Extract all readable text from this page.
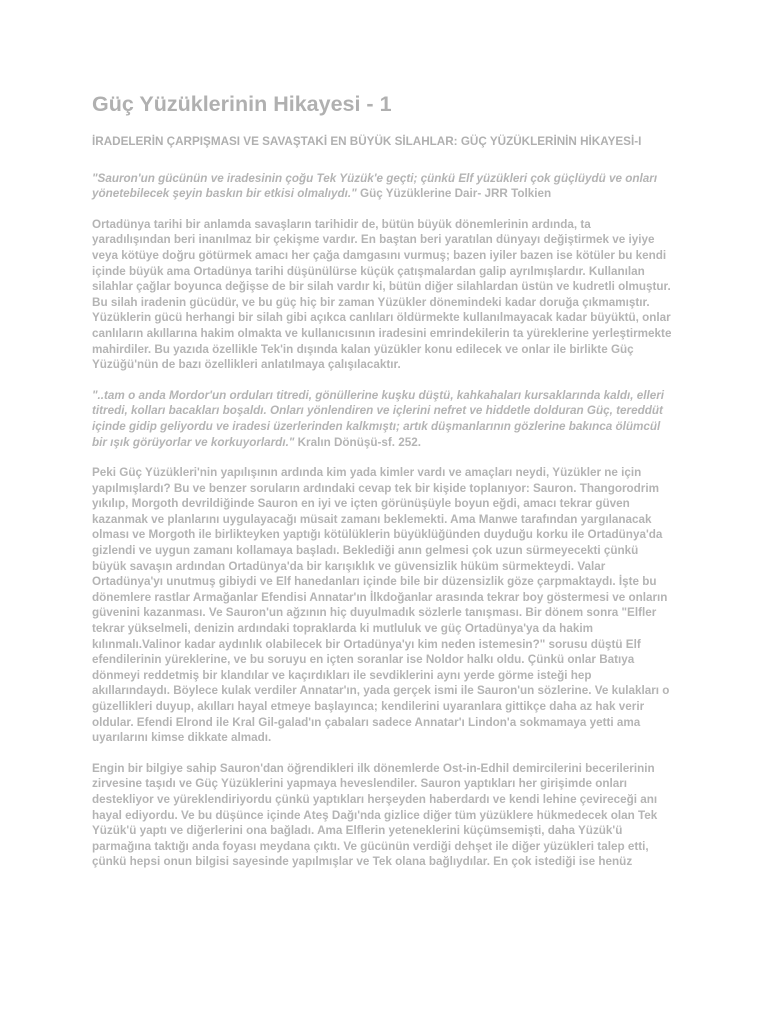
Güç Yüzüklerinin Hikayesi - 1
İRADELERİN ÇARPIŞMASI VE SAVAŞTAKİ EN BÜYÜK SİLAHLAR: GÜÇ YÜZÜKLERİNİN HİKAYESİ-I
"Sauron'un gücünün ve iradesinin çoğu Tek Yüzük'e geçti; çünkü Elf yüzükleri çok güçlüydü ve onları yönetebilecek şeyin baskın bir etkisi olmalıydı." Güç Yüzüklerine Dair- JRR Tolkien
Ortadünya tarihi bir anlamda savaşların tarihidir de, bütün büyük dönemlerinin ardında, ta yaradılışından beri inanılmaz bir çekişme vardır. En baştan beri yaratılan dünyayı değiştirmek ve iyiye veya kötüye doğru götürmek amacı her çağa damgasını vurmuş; bazen iyiler bazen ise kötüler bu kendi içinde büyük ama Ortadünya tarihi düşünülürse küçük çatışmalardan galip ayrılmışlardır. Kullanılan silahlar çağlar boyunca değişse de bir silah vardır ki, bütün diğer silahlardan üstün ve kudretli olmuştur. Bu silah iradenin gücüdür, ve bu güç hiç bir zaman Yüzükler dönemindeki kadar doruğa çıkmamıştır. Yüzüklerin gücü herhangi bir silah gibi açıkca canlıları öldürmekte kullanılmayacak kadar büyüktü, onlar canlıların akıllarına hakim olmakta ve kullanıcısının iradesini emrindekilerin ta yüreklerine yerleştirmekte mahirdiler. Bu yazıda özellikle Tek'in dışında kalan yüzükler konu edilecek ve onlar ile birlikte Güç Yüzüğü'nün de bazı özellikleri anlatılmaya çalışılacaktır.
"..tam o anda Mordor'un orduları titredi, gönüllerine kuşku düştü, kahkahaları kursaklarında kaldı, elleri titredi, kolları bacakları boşaldı. Onları yönlendiren ve içlerini nefret ve hiddetle dolduran Güç, tereddüt içinde gidip geliyordu ve iradesi üzerlerinden kalkmıştı; artık düşmanlarının gözlerine bakınca ölümcül bir ışık görüyorlar ve korkuyorlardı." Kralın Dönüşü-sf. 252.
Peki Güç Yüzükleri'nin yapılışının ardında kim yada kimler vardı ve amaçları neydi, Yüzükler ne için yapılmışlardı? Bu ve benzer soruların ardındaki cevap tek bir kişide toplanıyor: Sauron. Thangorodrim yıkılıp, Morgoth devrildiğinde Sauron en iyi ve içten görünüşüyle boyun eğdi, amacı tekrar güven kazanmak ve planlarını uygulayacağı müsait zamanı beklemekti. Ama Manwe tarafından yargılanacak olması ve Morgoth ile birlikteyken yaptığı kötülüklerin büyüklüğünden duyduğu korku ile Ortadünya'da gizlendi ve uygun zamanı kollamaya başladı. Beklediği anın gelmesi çok uzun sürmeyecekti çünkü büyük savaşın ardından Ortadünya'da bir karışıklık ve güvensizlik hüküm sürmekteydi. Valar Ortadünya'yı unutmuş gibiydi ve Elf hanedanları içinde bile bir düzensizlik göze çarpmaktaydı. İşte bu dönemlere rastlar Armağanlar Efendisi Annatar'ın İlkdoğanlar arasında tekrar boy göstermesi ve onların güvenini kazanması. Ve Sauron'un ağzının hiç duyulmadık sözlerle tanışması. Bir dönem sonra "Elfler tekrar yükselmeli, denizin ardındaki topraklarda ki mutluluk ve güç Ortadünya'ya da hakim kılınmalı.Valinor kadar aydınlık olabilecek bir Ortadünya'yı kim neden istemesin?" sorusu düştü Elf efendilerinin yüreklerine, ve bu soruyu en içten soranlar ise Noldor halkı oldu. Çünkü onlar Batıya dönmeyi reddetmiş bir klandılar ve kaçırdıkları ile sevdiklerini aynı yerde görme isteği hep akıllarındaydı. Böylece kulak verdiler Annatar'ın, yada gerçek ismi ile Sauron'un sözlerine. Ve kulakları o güzellikleri duyup, akılları hayal etmeye başlayınca; kendilerini uyaranlara gittikçe daha az hak verir oldular. Efendi Elrond ile Kral Gil-galad'ın çabaları sadece Annatar'ı Lindon'a sokmamaya yetti ama uyarılarını kimse dikkate almadı.
Engin bir bilgiye sahip Sauron'dan öğrendikleri ilk dönemlerde Ost-in-Edhil demircilerini becerilerinin zirvesine taşıdı ve Güç Yüzüklerini yapmaya heveslendiler. Sauron yaptıkları her girişimde onları destekliyor ve yüreklendiriyordu çünkü yaptıkları herşeyden haberdardı ve kendi lehine çevireceği anı hayal ediyordu. Ve bu düşünce içinde Ateş Dağı'nda gizlice diğer tüm yüzüklere hükmedecek olan Tek Yüzük'ü yaptı ve diğerlerini ona bağladı. Ama Elflerin yeteneklerini küçümsemişti, daha Yüzük'ü parmağına taktığı anda foyası meydana çıktı. Ve gücünün verdiği dehşet ile diğer yüzükleri talep etti, çünkü hepsi onun bilgisi sayesinde yapılmışlar ve Tek olana bağlıydılar. En çok istediği ise henüz
